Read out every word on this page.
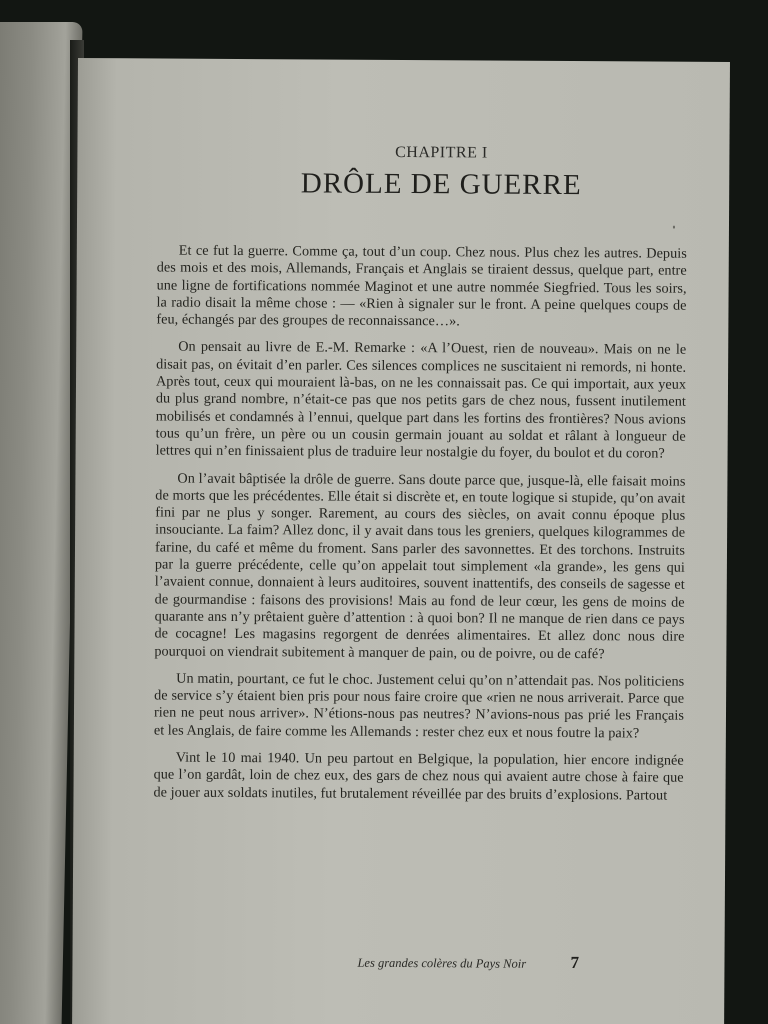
CHAPITRE I
DRÔLE DE GUERRE

Et ce fut la guerre. Comme ça, tout d’un coup. Chez nous. Plus chez les autres. Depuis des mois et des mois, Allemands, Français et Anglais se tiraient dessus, quelque part, entre une ligne de fortifications nommée Maginot et une autre nommée Siegfried. Tous les soirs, la radio disait la même chose : — «Rien à signaler sur le front. A peine quelques coups de feu, échangés par des groupes de reconnaissance…».

On pensait au livre de E.-M. Remarke : «A l’Ouest, rien de nouveau». Mais on ne le disait pas, on évitait d’en parler. Ces silences complices ne suscitaient ni remords, ni honte. Après tout, ceux qui mouraient là-bas, on ne les connaissait pas. Ce qui importait, aux yeux du plus grand nombre, n’était-ce pas que nos petits gars de chez nous, fussent inutilement mobilisés et condamnés à l’ennui, quelque part dans les fortins des frontières? Nous avions tous qu’un frère, un père ou un cousin germain jouant au soldat et râlant à longueur de lettres qui n’en finissaient plus de traduire leur nostalgie du foyer, du boulot et du coron?

On l’avait bâptisée la drôle de guerre. Sans doute parce que, jusque-là, elle faisait moins de morts que les précédentes. Elle était si discrète et, en toute logique si stupide, qu’on avait fini par ne plus y songer. Rarement, au cours des siècles, on avait connu époque plus insouciante. La faim? Allez donc, il y avait dans tous les greniers, quelques kilogrammes de farine, du café et même du froment. Sans parler des savonnettes. Et des torchons. Instruits par la guerre précédente, celle qu’on appelait tout simplement «la grande», les gens qui l’avaient connue, donnaient à leurs auditoires, souvent inattentifs, des conseils de sagesse et de gourmandise : faisons des provisions! Mais au fond de leur cœur, les gens de moins de quarante ans n’y prêtaient guère d’attention : à quoi bon? Il ne manque de rien dans ce pays de cocagne! Les magasins regorgent de denrées alimentaires. Et allez donc nous dire pourquoi on viendrait subitement à manquer de pain, ou de poivre, ou de café?

Un matin, pourtant, ce fut le choc. Justement celui qu’on n’attendait pas. Nos politiciens de service s’y étaient bien pris pour nous faire croire que «rien ne nous arriverait. Parce que rien ne peut nous arriver». N’étions-nous pas neutres? N’avions-nous pas prié les Français et les Anglais, de faire comme les Allemands : rester chez eux et nous foutre la paix?

Vint le 10 mai 1940. Un peu partout en Belgique, la population, hier encore indignée que l’on gardât, loin de chez eux, des gars de chez nous qui avaient autre chose à faire que de jouer aux soldats inutiles, fut brutalement réveillée par des bruits d’explosions. Partout

Les grandes colères du Pays Noir	7
